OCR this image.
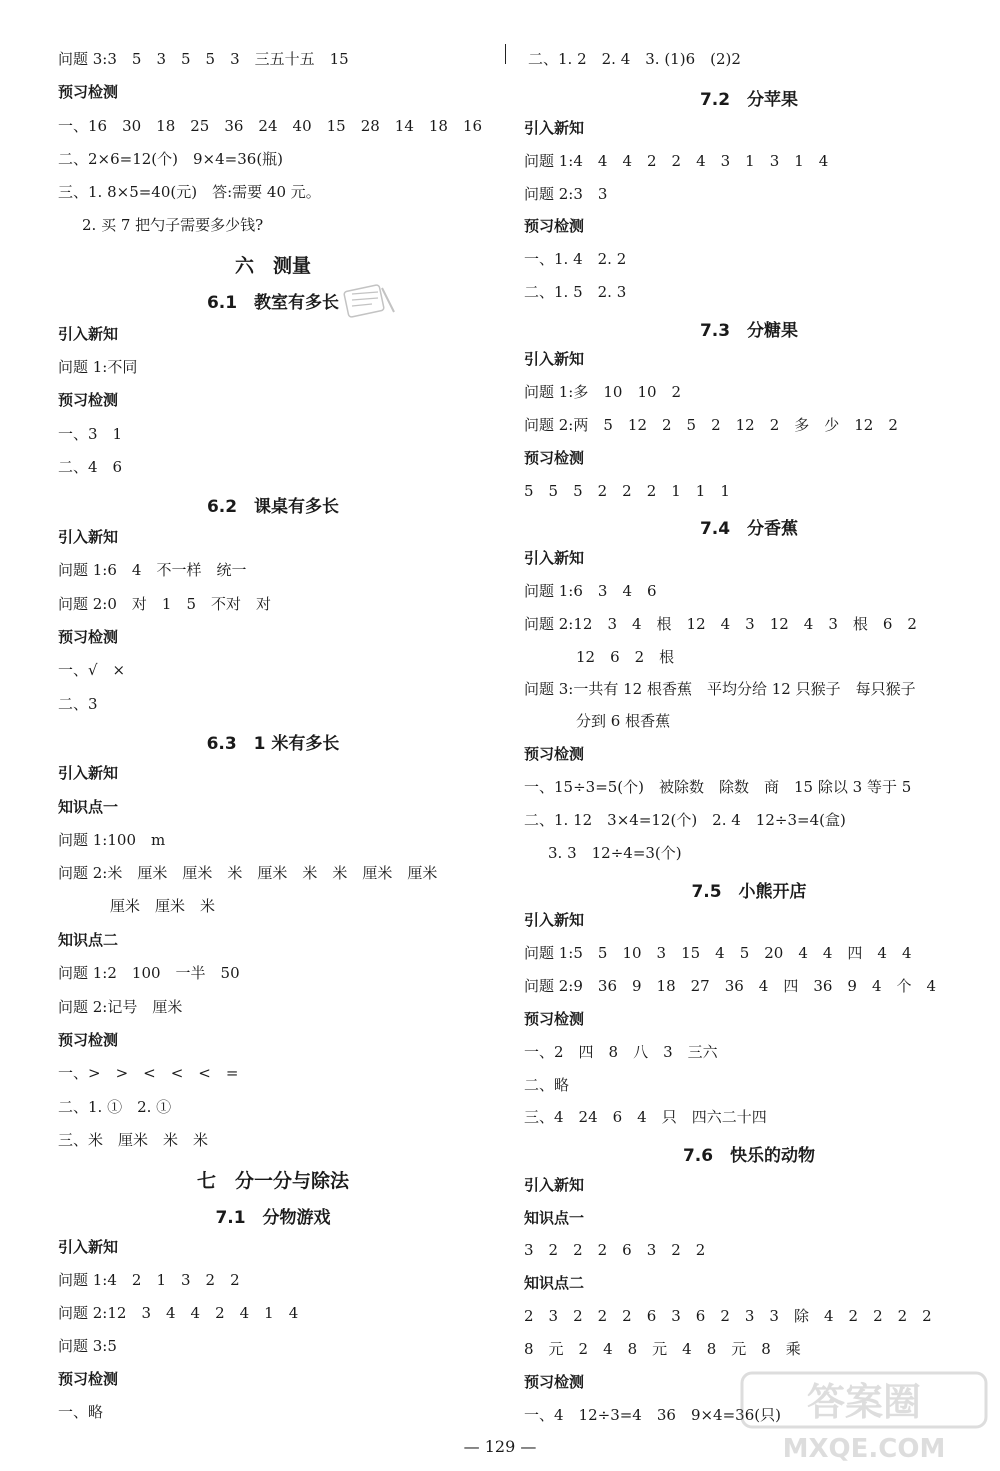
问题 3:3　5　3　5　5　3　三五十五　15
预习检测
一、16　30　18　25　36　24　40　15　28　14　18　16
二、2×6=12(个)　9×4=36(瓶)
三、1. 8×5=40(元)　答:需要 40 元。
2. 买 7 把勺子需要多少钱?
六　测量
6.1　教室有多长
引入新知
问题 1:不同
预习检测
一、3　1
二、4　6
6.2　课桌有多长
引入新知
问题 1:6　4　不一样　统一
问题 2:0　对　1　5　不对　对
预习检测
一、√　×
二、3
6.3　1 米有多长
引入新知
知识点一
问题 1:100　m
问题 2:米　厘米　厘米　米　厘米　米　米　厘米　厘米
厘米　厘米　米
知识点二
问题 1:2　100　一半　50
问题 2:记号　厘米
预习检测
一、>　>　<　<　<　=
二、1. ①　2. ①
三、米　厘米　米　米
七　分一分与除法
7.1　分物游戏
引入新知
问题 1:4　2　1　3　2　2
问题 2:12　3　4　4　2　4　1　4
问题 3:5
预习检测
一、略
二、1. 2　2. 4　3. (1)6　(2)2
7.2　分苹果
引入新知
问题 1:4　4　4　2　2　4　3　1　3　1　4
问题 2:3　3
预习检测
一、1. 4　2. 2
二、1. 5　2. 3
7.3　分糖果
引入新知
问题 1:多　10　10　2
问题 2:两　5　12　2　5　2　12　2　多　少　12　2
预习检测
5　5　5　2　2　2　1　1　1
7.4　分香蕉
引入新知
问题 1:6　3　4　6
问题 2:12　3　4　根　12　4　3　12　4　3　根　6　2
12　6　2　根
问题 3:一共有 12 根香蕉　平均分给 12 只猴子　每只猴子
分到 6 根香蕉
预习检测
一、15÷3=5(个)　被除数　除数　商　15 除以 3 等于 5
二、1. 12　3×4=12(个)　2. 4　12÷3=4(盒)
3. 3　12÷4=3(个)
7.5　小熊开店
引入新知
问题 1:5　5　10　3　15　4　5　20　4　4　四　4　4
问题 2:9　36　9　18　27　36　4　四　36　9　4　个　4
预习检测
一、2　四　8　八　3　三六
二、略
三、4　24　6　4　只　四六二十四
7.6　快乐的动物
引入新知
知识点一
3　2　2　2　6　3　2　2
知识点二
2　3　2　2　2　6　3　6　2　3　3　除　4　2　2　2　2
8　元　2　4　8　元　4　8　元　8　乘
预习检测
一、4　12÷3=4　36　9×4=36(只)
— 129 —
答案圈
MXQE.COM
